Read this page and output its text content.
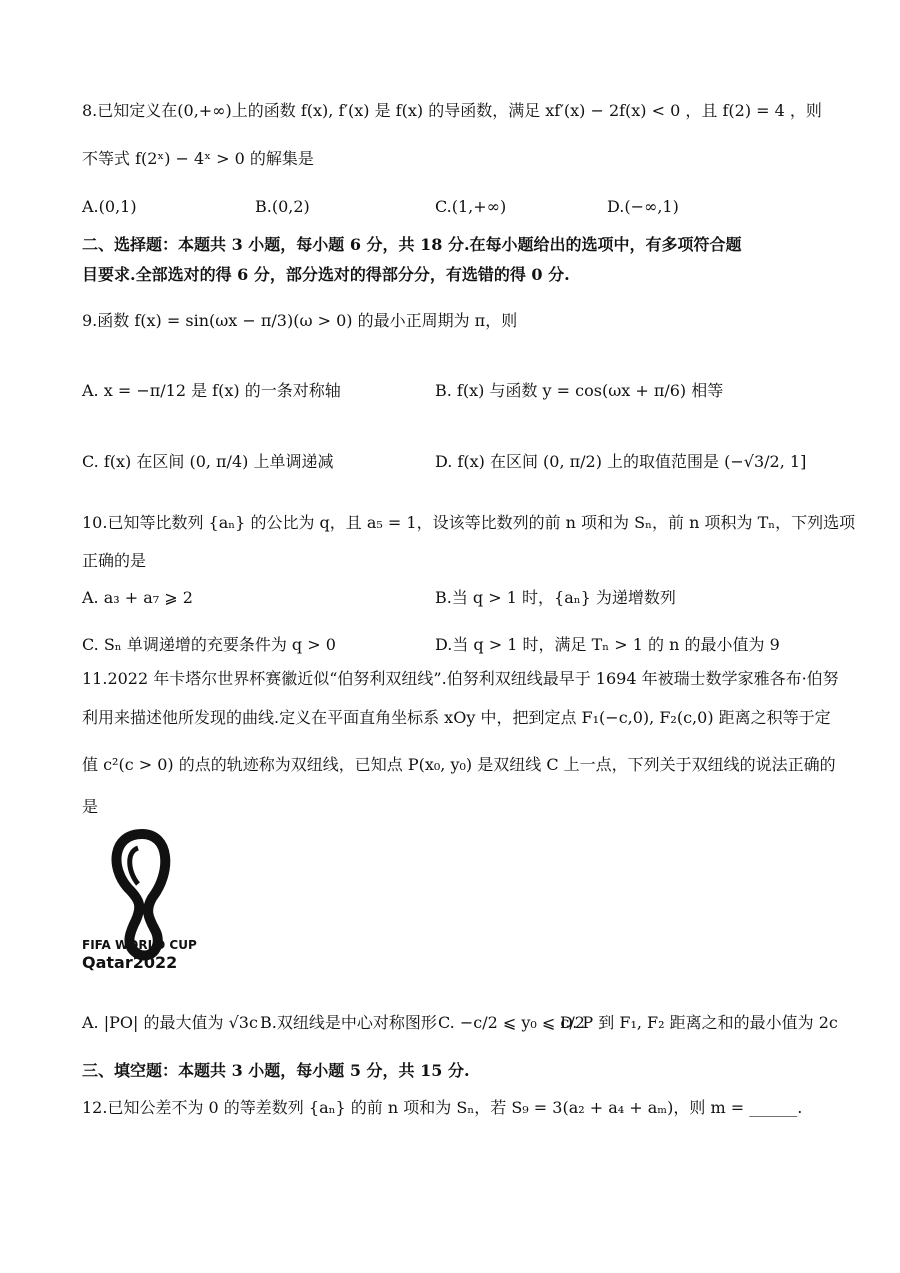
8.已知定义在(0,+∞)上的函数 f(x), f′(x) 是 f(x) 的导函数，满足 xf′(x) − 2f(x) < 0 ，且 f(2) = 4 ，则
不等式 f(2ˣ) − 4ˣ > 0 的解集是
A.(0,1)	B.(0,2)	C.(1,+∞)	D.(−∞,1)
二、选择题：本题共 3 小题，每小题 6 分，共 18 分.在每小题给出的选项中，有多项符合题
目要求.全部选对的得 6 分，部分选对的得部分分，有选错的得 0 分.
9.函数 f(x) = sin(ωx − π/3)(ω > 0) 的最小正周期为 π，则
A. x = −π/12 是 f(x) 的一条对称轴	B. f(x) 与函数 y = cos(ωx + π/6) 相等
C. f(x) 在区间 (0, π/4) 上单调递减	D. f(x) 在区间 (0, π/2) 上的取值范围是 (−√3/2, 1]
10.已知等比数列 {aₙ} 的公比为 q，且 a₅ = 1，设该等比数列的前 n 项和为 Sₙ，前 n 项积为 Tₙ，下列选项
正确的是
A. a₃ + a₇ ⩾ 2	B.当 q > 1 时，{aₙ} 为递增数列
C. Sₙ 单调递增的充要条件为 q > 0	D.当 q > 1 时，满足 Tₙ > 1 的 n 的最小值为 9
11.2022 年卡塔尔世界杯赛徽近似“伯努利双纽线”.伯努利双纽线最早于 1694 年被瑞士数学家雅各布·伯努
利用来描述他所发现的曲线.定义在平面直角坐标系 xOy 中，把到定点 F₁(−c,0), F₂(c,0) 距离之积等于定
值 c²(c > 0) 的点的轨迹称为双纽线，已知点 P(x₀, y₀) 是双纽线 C 上一点，下列关于双纽线的说法正确的
是
FIFA WORLD CUP
Qatar2022
A. |PO| 的最大值为 √3c B.双纽线是中心对称图形 C. −c/2 ⩽ y₀ ⩽ c/2
D. P 到 F₁, F₂ 距离之和的最小值为 2c
三、填空题：本题共 3 小题，每小题 5 分，共 15 分.
12.已知公差不为 0 的等差数列 {aₙ} 的前 n 项和为 Sₙ，若 S₉ = 3(a₂ + a₄ + aₘ)，则 m = ______.
